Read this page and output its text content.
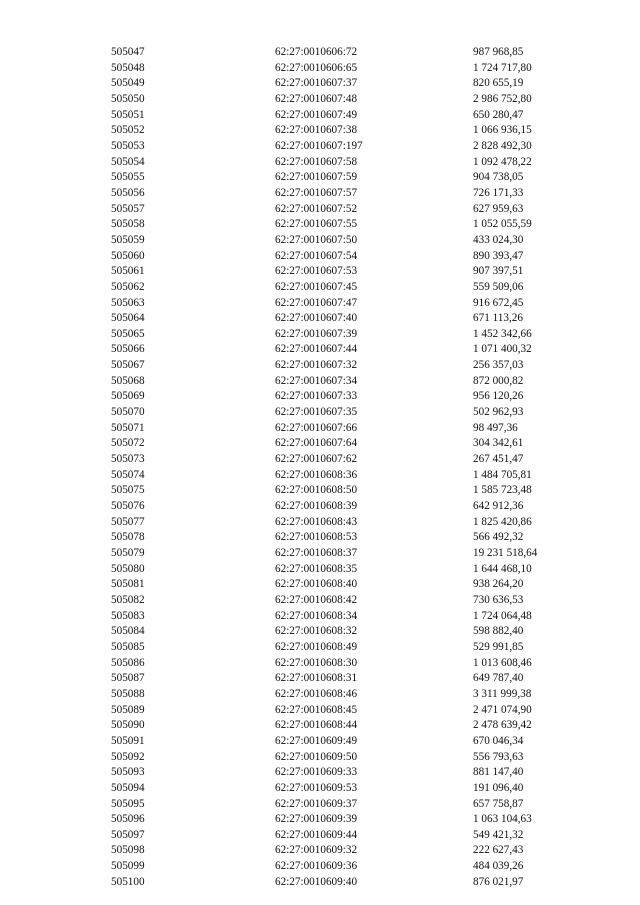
505047	62:27:0010606:72	987 968,85
505048	62:27:0010606:65	1 724 717,80
505049	62:27:0010607:37	820 655,19
505050	62:27:0010607:48	2 986 752,80
505051	62:27:0010607:49	650 280,47
505052	62:27:0010607:38	1 066 936,15
505053	62:27:0010607:197	2 828 492,30
505054	62:27:0010607:58	1 092 478,22
505055	62:27:0010607:59	904 738,05
505056	62:27:0010607:57	726 171,33
505057	62:27:0010607:52	627 959,63
505058	62:27:0010607:55	1 052 055,59
505059	62:27:0010607:50	433 024,30
505060	62:27:0010607:54	890 393,47
505061	62:27:0010607:53	907 397,51
505062	62:27:0010607:45	559 509,06
505063	62:27:0010607:47	916 672,45
505064	62:27:0010607:40	671 113,26
505065	62:27:0010607:39	1 452 342,66
505066	62:27:0010607:44	1 071 400,32
505067	62:27:0010607:32	256 357,03
505068	62:27:0010607:34	872 000,82
505069	62:27:0010607:33	956 120,26
505070	62:27:0010607:35	502 962,93
505071	62:27:0010607:66	98 497,36
505072	62:27:0010607:64	304 342,61
505073	62:27:0010607:62	267 451,47
505074	62:27:0010608:36	1 484 705,81
505075	62:27:0010608:50	1 585 723,48
505076	62:27:0010608:39	642 912,36
505077	62:27:0010608:43	1 825 420,86
505078	62:27:0010608:53	566 492,32
505079	62:27:0010608:37	19 231 518,64
505080	62:27:0010608:35	1 644 468,10
505081	62:27:0010608:40	938 264,20
505082	62:27:0010608:42	730 636,53
505083	62:27:0010608:34	1 724 064,48
505084	62:27:0010608:32	598 882,40
505085	62:27:0010608:49	529 991,85
505086	62:27:0010608:30	1 013 608,46
505087	62:27:0010608:31	649 787,40
505088	62:27:0010608:46	3 311 999,38
505089	62:27:0010608:45	2 471 074,90
505090	62:27:0010608:44	2 478 639,42
505091	62:27:0010609:49	670 046,34
505092	62:27:0010609:50	556 793,63
505093	62:27:0010609:33	881 147,40
505094	62:27:0010609:53	191 096,40
505095	62:27:0010609:37	657 758,87
505096	62:27:0010609:39	1 063 104,63
505097	62:27:0010609:44	549 421,32
505098	62:27:0010609:32	222 627,43
505099	62:27:0010609:36	484 039,26
505100	62:27:0010609:40	876 021,97
